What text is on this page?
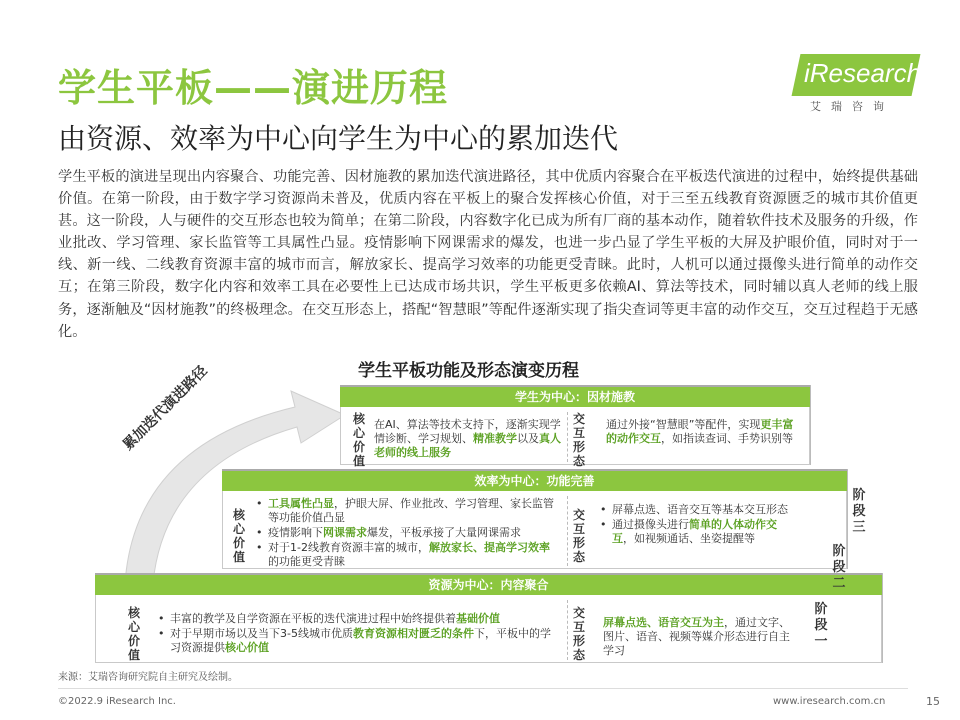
学生平板——演进历程
由资源、效率为中心向学生为中心的累加迭代
iResearch
艾瑞咨询
学生平板的演进呈现出内容聚合、功能完善、因材施教的累加迭代演进路径，其中优质内容聚合在平板迭代演进的过程中，始终提供基础价值。在第一阶段，由于数字学习资源尚未普及，优质内容在平板上的聚合发挥核心价值，对于三至五线教育资源匮乏的城市其价值更甚。这一阶段，人与硬件的交互形态也较为简单；在第二阶段，内容数字化已成为所有厂商的基本动作，随着软件技术及服务的升级，作业批改、学习管理、家长监管等工具属性凸显。疫情影响下网课需求的爆发，也进一步凸显了学生平板的大屏及护眼价值，同时对于一线、新一线、二线教育资源丰富的城市而言，解放家长、提高学习效率的功能更受青睐。此时，人机可以通过摄像头进行简单的动作交互；在第三阶段，数字化内容和效率工具在必要性上已达成市场共识，学生平板更多依赖AI、算法等技术，同时辅以真人老师的线上服务，逐渐触及“因材施教”的终极理念。在交互形态上，搭配“智慧眼”等配件逐渐实现了指尖查词等更丰富的动作交互，交互过程趋于无感化。
学生平板功能及形态演变历程
累加迭代演进路径	学生为中心：因材施教
核
心
价
值
在AI、算法等技术支持下，逐渐实现学情诊断、学习规划、精准教学以及真人老师的线上服务
交
互
形
态
通过外接“智慧眼”等配件，实现更丰富的动作交互，如指读查词、手势识别等
效率为中心：功能完善
核
心
价
值
• 工具属性凸显，护眼大屏、作业批改、学习管理、家长监管等功能价值凸显
• 疫情影响下网课需求爆发，平板承接了大量网课需求
• 对于1-2线教育资源丰富的城市，解放家长、提高学习效率的功能更受青睐
交
互
形
态
• 屏幕点选、语音交互等基本交互形态
• 通过摄像头进行简单的人体动作交互，如视频通话、坐姿提醒等
资源为中心：内容聚合
核
心
价
值
• 丰富的教学及自学资源在平板的迭代演进过程中始终提供着基础价值
• 对于早期市场以及当下3-5线城市优质教育资源相对匮乏的条件下，平板中的学习资源提供核心价值
交
互
形
态
屏幕点选、语音交互为主，通过文字、图片、语音、视频等媒介形态进行自主学习
阶
段
三
阶
段
二
阶
段
一
来源：艾瑞咨询研究院自主研究及绘制。
©2022.9 iResearch Inc.	www.iresearch.com.cn	15
